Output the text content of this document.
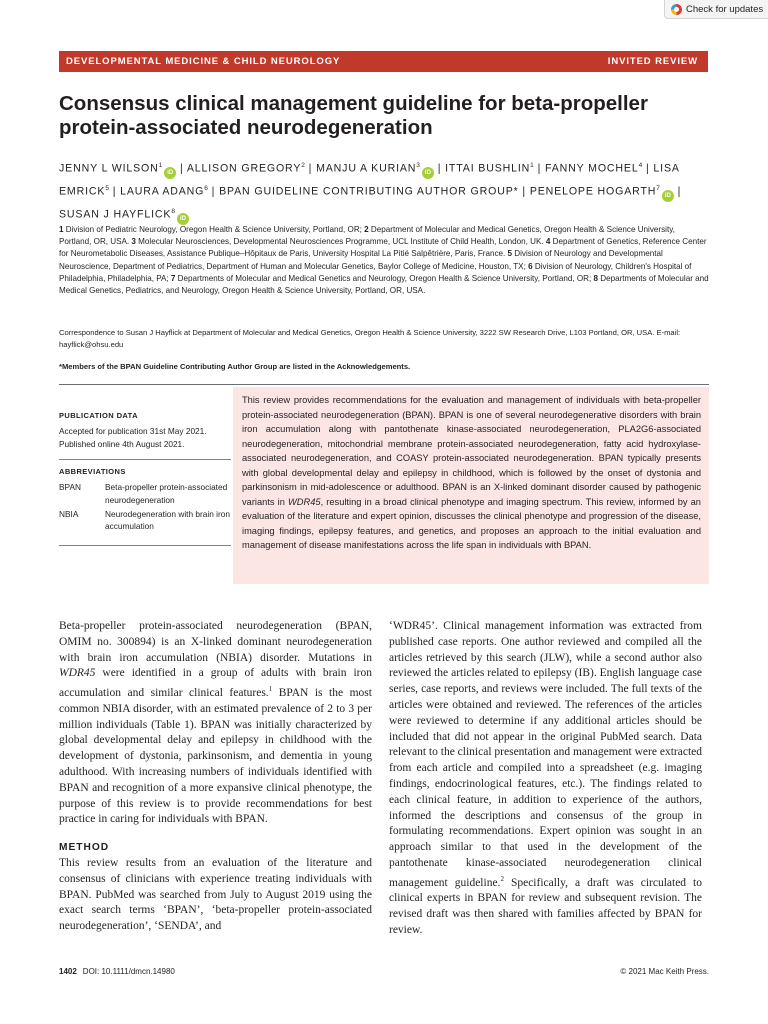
Check for updates
DEVELOPMENTAL MEDICINE & CHILD NEUROLOGY	INVITED REVIEW
Consensus clinical management guideline for beta-propeller protein-associated neurodegeneration
JENNY L WILSON$^1$iD | ALLISON GREGORY$^2$ | MANJU A KURIAN$^3$iD | ITTAI BUSHLIN$^1$ | FANNY MOCHEL$^4$ | LISA EMRICK$^5$ | LAURA ADANG$^6$ | BPAN GUIDELINE CONTRIBUTING AUTHOR GROUP* | PENELOPE HOGARTH$^7$iD | SUSAN J HAYFLICK$^8$iD

1 Division of Pediatric Neurology, Oregon Health & Science University, Portland, OR; 2 Department of Molecular and Medical Genetics, Oregon Health & Science University, Portland, OR, USA. 3 Molecular Neurosciences, Developmental Neurosciences Programme, UCL Institute of Child Health, London, UK. 4 Department of Genetics, Reference Center for Neurometabolic Diseases, Assistance Publique–Hôpitaux de Paris, University Hospital La Pitié Salpêtrière, Paris, France. 5 Division of Neurology and Developmental Neuroscience, Department of Pediatrics, Department of Human and Molecular Genetics, Baylor College of Medicine, Houston, TX; 6 Division of Neurology, Children's Hospital of Philadelphia, Philadelphia, PA; 7 Departments of Molecular and Medical Genetics and Neurology, Oregon Health & Science University, Portland, OR; 8 Departments of Molecular and Medical Genetics, Pediatrics, and Neurology, Oregon Health & Science University, Portland, OR, USA.

Correspondence to Susan J Hayflick at Department of Molecular and Medical Genetics, Oregon Health & Science University, 3222 SW Research Drive, L103 Portland, OR, USA. E-mail: hayflick@ohsu.edu

*Members of the BPAN Guideline Contributing Author Group are listed in the Acknowledgements.

PUBLICATION DATA
Accepted for publication 31st May 2021.
Published online 4th August 2021.
ABBREVIATIONS
BPAN	Beta-propeller protein-associated neurodegeneration
NBIA	Neurodegeneration with brain iron accumulation
This review provides recommendations for the evaluation and management of individuals with beta-propeller protein-associated neurodegeneration (BPAN). BPAN is one of several neurodegenerative disorders with brain iron accumulation along with pantothenate kinase-associated neurodegeneration, PLA2G6-associated neurodegeneration, mitochondrial membrane protein-associated neurodegeneration, fatty acid hydroxylase-associated neurodegeneration, and COASY protein-associated neurodegeneration. BPAN typically presents with global developmental delay and epilepsy in childhood, which is followed by the onset of dystonia and parkinsonism in mid-adolescence or adulthood. BPAN is an X-linked dominant disorder caused by pathogenic variants in WDR45, resulting in a broad clinical phenotype and imaging spectrum. This review, informed by an evaluation of the literature and expert opinion, discusses the clinical phenotype and progression of the disease, imaging findings, epilepsy features, and genetics, and proposes an approach to the initial evaluation and management of disease manifestations across the life span in individuals with BPAN.

Beta-propeller protein-associated neurodegeneration (BPAN, OMIM no. 300894) is an X-linked dominant neurodegeneration with brain iron accumulation (NBIA) disorder. Mutations in WDR45 were identified in a group of adults with brain iron accumulation and similar clinical features.$^1$ BPAN is the most common NBIA disorder, with an estimated prevalence of 2 to 3 per million individuals (Table 1). BPAN was initially characterized by global developmental delay and epilepsy in childhood with the development of dystonia, parkinsonism, and dementia in young adulthood. With increasing numbers of individuals identified with BPAN and recognition of a more expansive clinical phenotype, the purpose of this review is to provide recommendations for best practice in caring for individuals with BPAN.

METHOD

This review results from an evaluation of the literature and consensus of clinicians with experience treating individuals with BPAN. PubMed was searched from July to August 2019 using the exact search terms ‘BPAN’, ‘beta-propeller protein-associated neurodegeneration’, ‘SENDA’, and

‘WDR45’. Clinical management information was extracted from published case reports. One author reviewed and compiled all the articles retrieved by this search (JLW), while a second author also reviewed the articles related to epilepsy (IB). English language case series, case reports, and reviews were included. The full texts of the articles were obtained and reviewed. The references of the articles were reviewed to determine if any additional articles should be included that did not appear in the original PubMed search. Data relevant to the clinical presentation and management were extracted from each article and compiled into a spreadsheet (e.g. imaging findings, endocrinological features, etc.). The findings related to each clinical feature, in addition to experience of the authors, informed the descriptions and consensus of the group in formulating recommendations. Expert opinion was sought in an approach similar to that used in the development of the pantothenate kinase-associated neurodegeneration clinical management guideline.$^2$ Specifically, a draft was circulated to clinical experts in BPAN for review and subsequent revision. The revised draft was then shared with families affected by BPAN for review.

1402 DOI: 10.1111/dmcn.14980	© 2021 Mac Keith Press.
